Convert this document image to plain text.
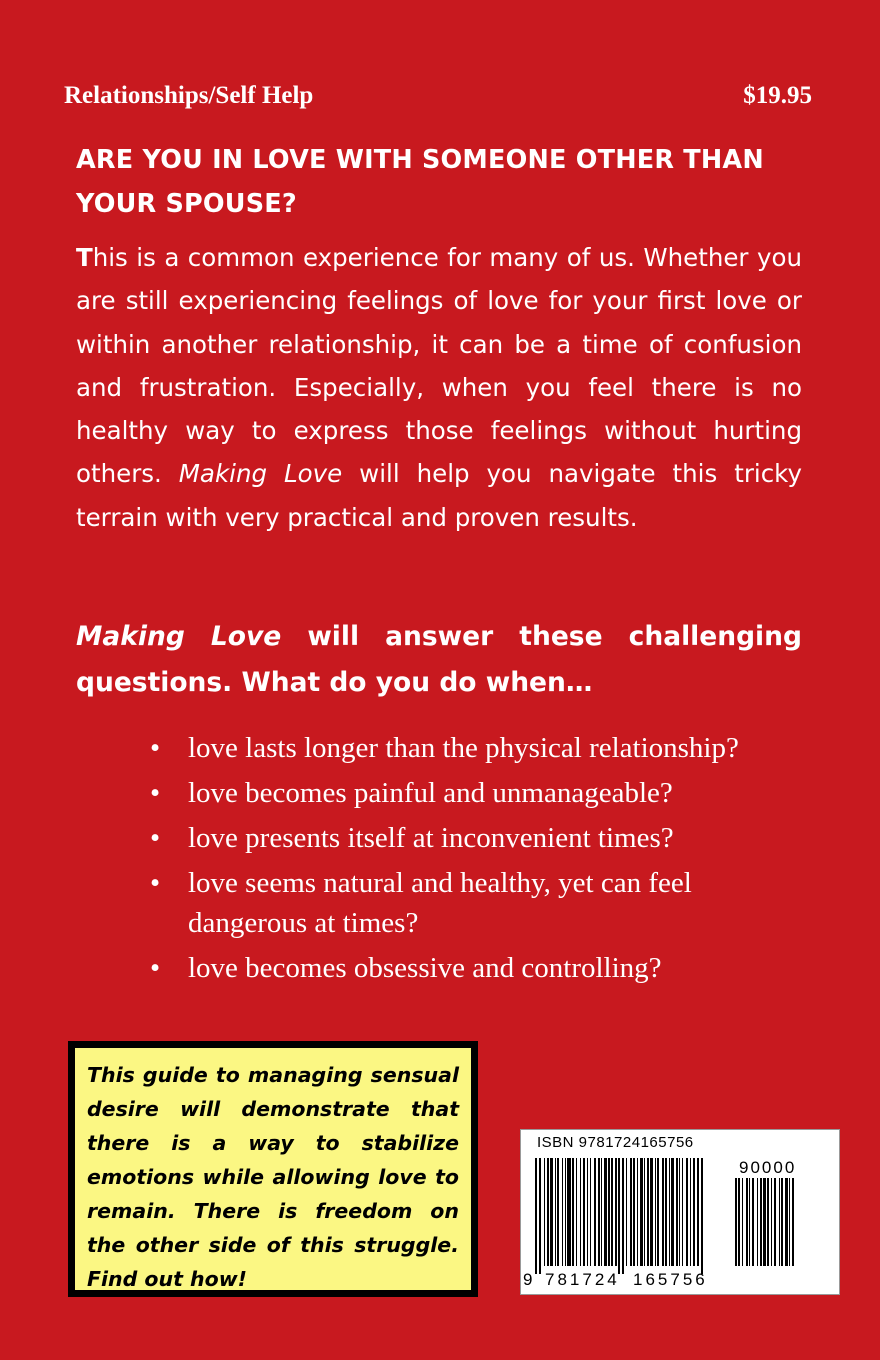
Relationships/Self Help	$19.95
ARE YOU IN LOVE WITH SOMEONE OTHER THAN YOUR SPOUSE?
This is a common experience for many of us. Whether you are still experiencing feelings of love for your first love or within another relationship, it can be a time of confusion and frustration. Especially, when you feel there is no healthy way to express those feelings without hurting others. Making Love will help you navigate this tricky terrain with very practical and proven results.
Making Love will answer these challenging questions. What do you do when…
• love lasts longer than the physical relationship?
• love becomes painful and unmanageable?
• love presents itself at inconvenient times?
• love seems natural and healthy, yet can feel dangerous at times?
• love becomes obsessive and controlling?
This guide to managing sensual desire will demonstrate that there is a way to stabilize emotions while allowing love to remain. There is freedom on the other side of this struggle. Find out how!
ISBN 9781724165756
90000
9 781724 165756
